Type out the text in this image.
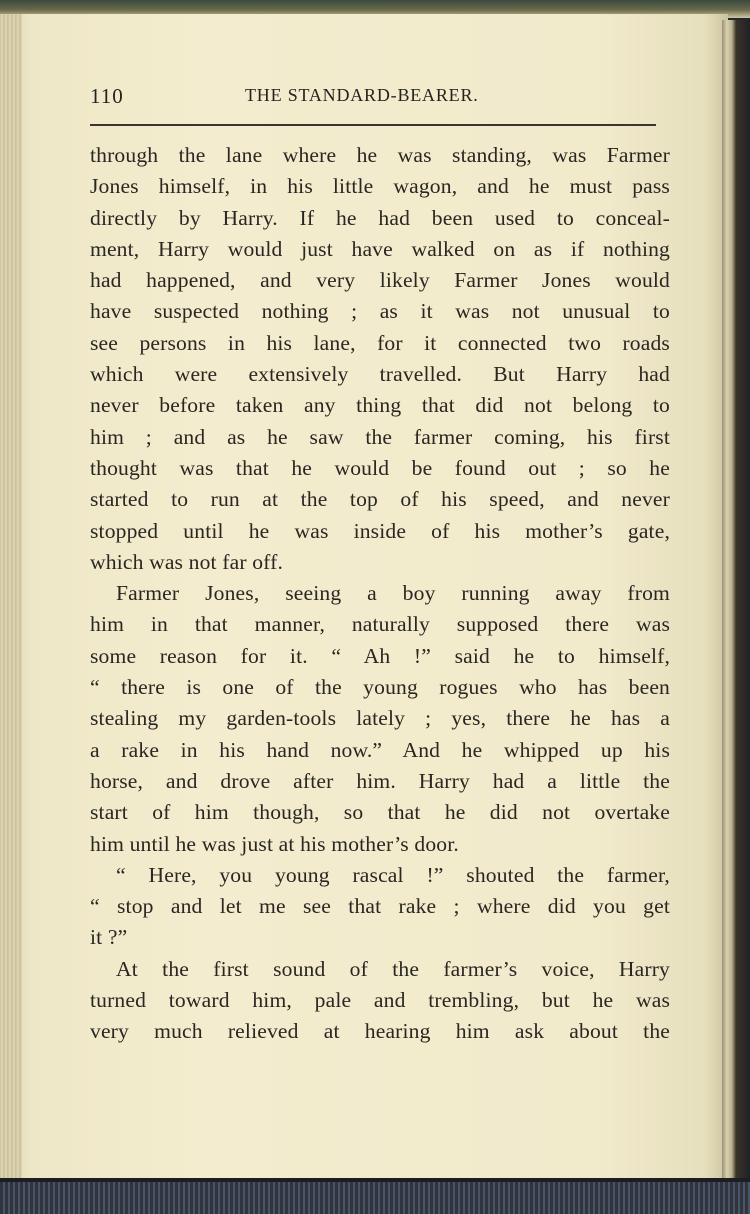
110	THE STANDARD-BEARER.
through the lane where he was standing, was Farmer
Jones himself, in his little wagon, and he must pass
directly by Harry. If he had been used to conceal-
ment, Harry would just have walked on as if nothing
had happened, and very likely Farmer Jones would
have suspected nothing ; as it was not unusual to
see persons in his lane, for it connected two roads
which were extensively travelled. But Harry had
never before taken any thing that did not belong to
him ; and as he saw the farmer coming, his first
thought was that he would be found out ; so he
started to run at the top of his speed, and never
stopped until he was inside of his mother’s gate,
which was not far off.
Farmer Jones, seeing a boy running away from
him in that manner, naturally supposed there was
some reason for it. “ Ah !” said he to himself,
“ there is one of the young rogues who has been
stealing my garden-tools lately ; yes, there he has a
a rake in his hand now.” And he whipped up his
horse, and drove after him. Harry had a little the
start of him though, so that he did not overtake
him until he was just at his mother’s door.
“ Here, you young rascal !” shouted the farmer,
“ stop and let me see that rake ; where did you get
it ?”
At the first sound of the farmer’s voice, Harry
turned toward him, pale and trembling, but he was
very much relieved at hearing him ask about the
